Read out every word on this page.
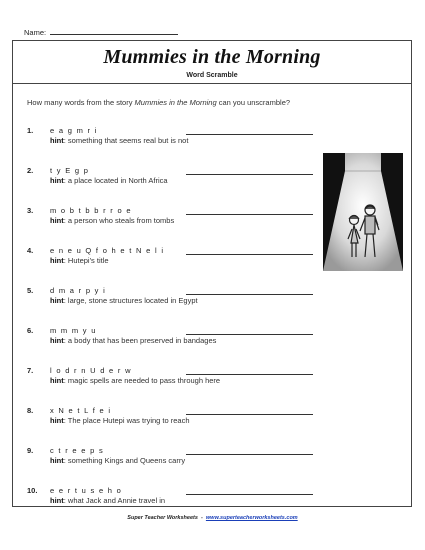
Name:
Mummies in the Morning
Word Scramble
How many words from the story Mummies in the Morning can you unscramble?
1. e a g m r i
hint: something that seems real but is not
2. t y E g p
hint: a place located in North Africa
3. m o b t b b r r o e
hint: a person who steals from tombs
4. e n e u Q f o h e t N e l i
hint: Hutepi's title
5. d m a r p y i
hint: large, stone structures located in Egypt
6. m m m y u
hint: a body that has been preserved in bandages
7. l o d r n U d e r w
hint: magic spells are needed to pass through here
8. x N e t L f e i
hint: The place Hutepi was trying to reach
9. c t r e e p s
hint: something Kings and Queens carry
10. e e r t u s e h o
hint: what Jack and Annie travel in
Super Teacher Worksheets - www.superteacherworksheets.com
